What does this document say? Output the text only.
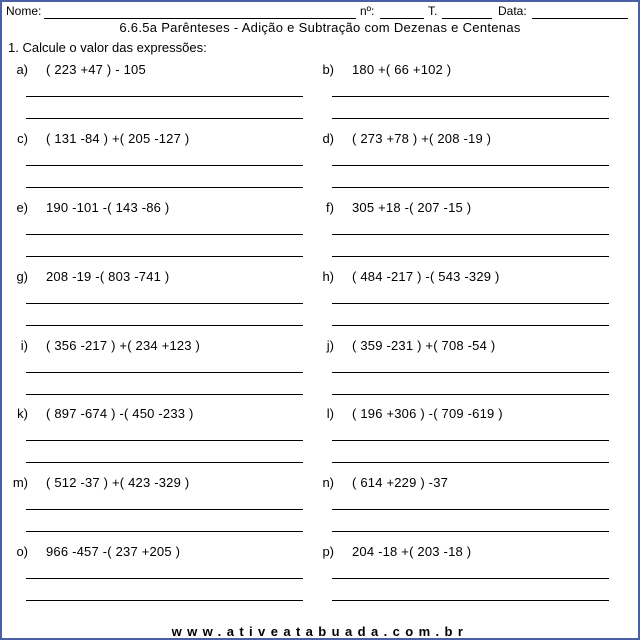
Nome:	nº:	T.	Data:
6.6.5a Parênteses - Adição e Subtração com Dezenas e Centenas
1. Calcule o valor das expressões:
a) ( 223 +47 ) - 105	b) 180 +( 66 +102 )
c) ( 131 -84 ) +( 205 -127 )	d) ( 273 +78 ) +( 208 -19 )
e) 190 -101 -( 143 -86 )	f) 305 +18 -( 207 -15 )
g) 208 -19 -( 803 -741 )	h) ( 484 -217 ) -( 543 -329 )
i) ( 356 -217 ) +( 234 +123 )	j) ( 359 -231 ) +( 708 -54 )
k) ( 897 -674 ) -( 450 -233 )	l) ( 196 +306 ) -( 709 -619 )
m) ( 512 -37 ) +( 423 -329 )	n) ( 614 +229 ) -37
o) 966 -457 -( 237 +205 )	p) 204 -18 +( 203 -18 )
www.ativeatabuada.com.br
